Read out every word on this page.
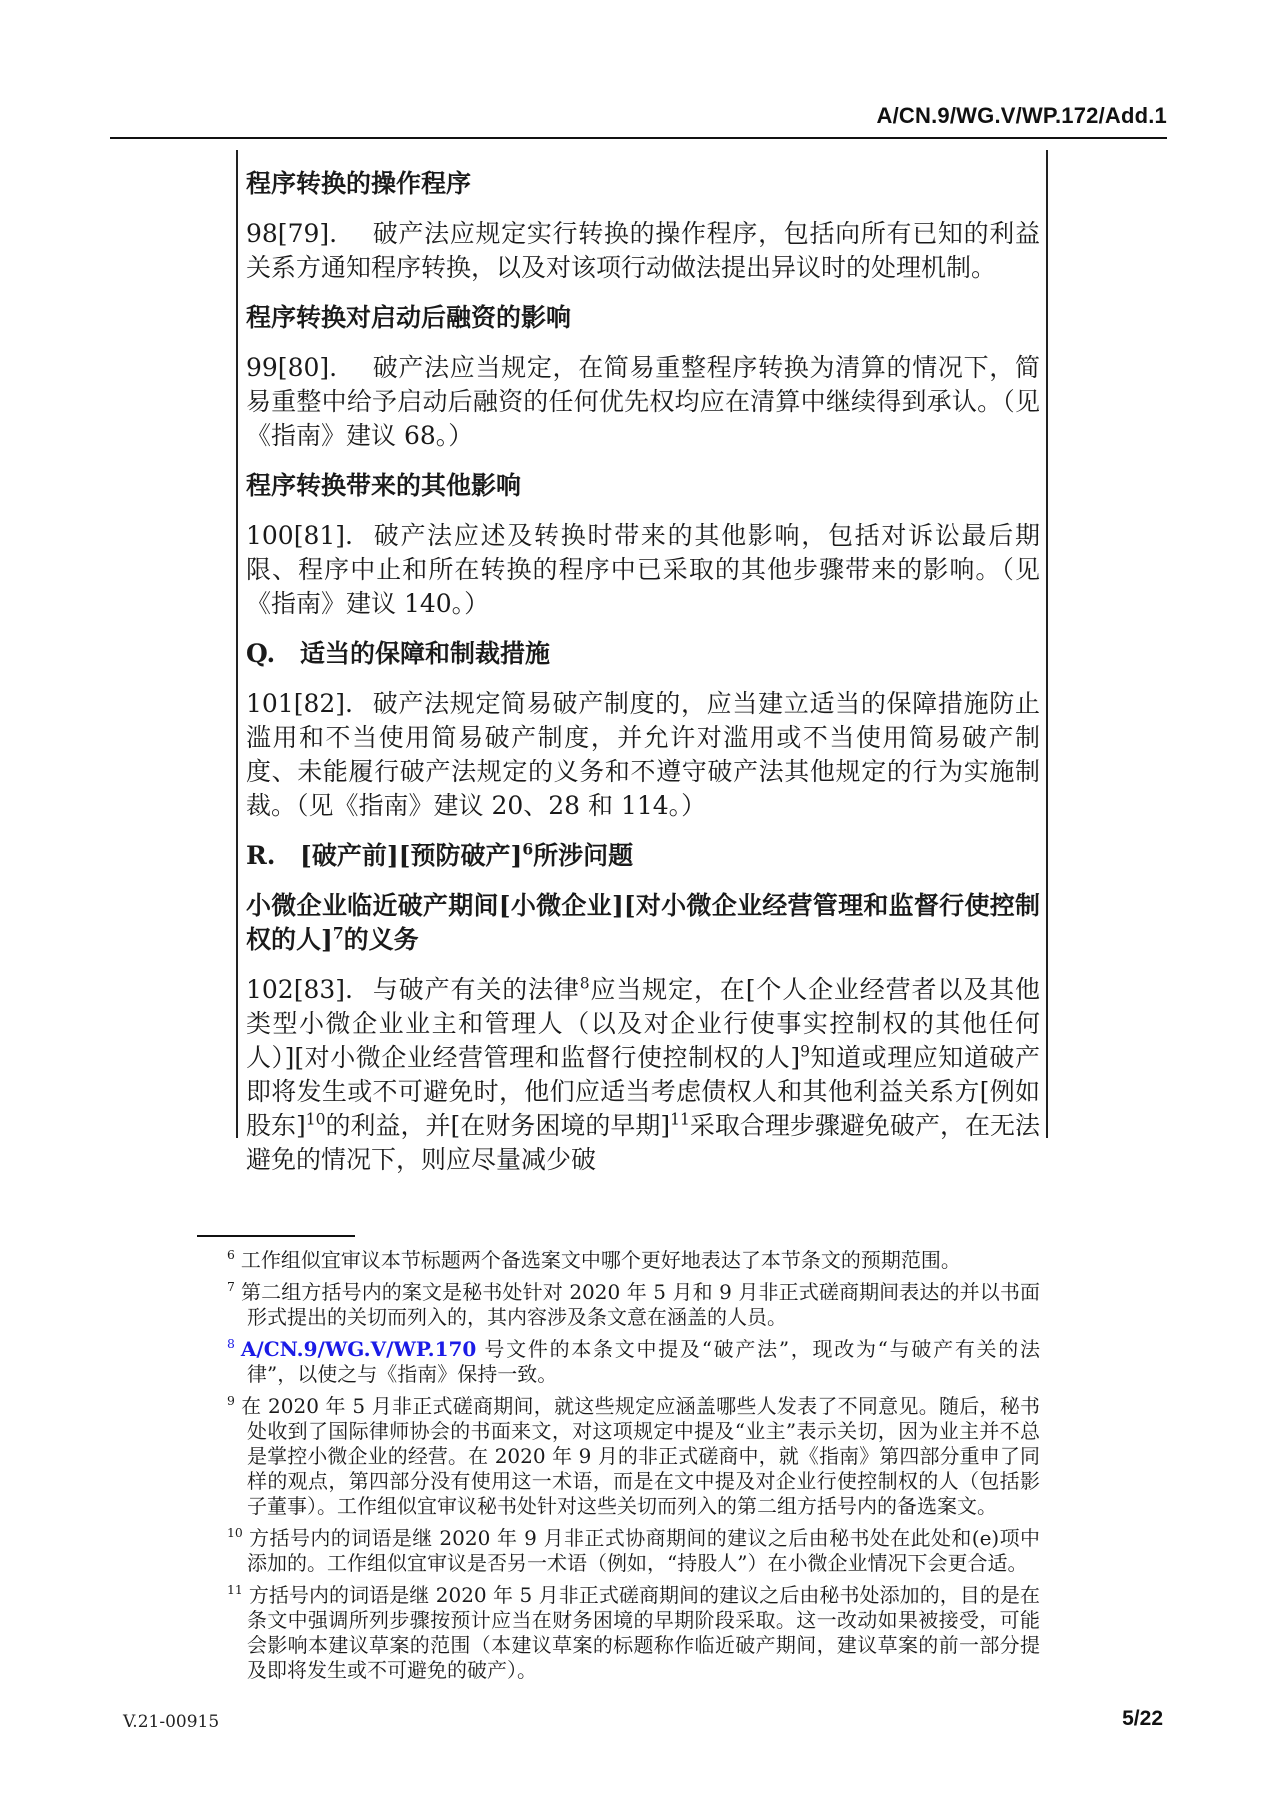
A/CN.9/WG.V/WP.172/Add.1
程序转换的操作程序
98[79]. 破产法应规定实行转换的操作程序，包括向所有已知的利益关系方通知程序转换，以及对该项行动做法提出异议时的处理机制。
程序转换对启动后融资的影响
99[80]. 破产法应当规定，在简易重整程序转换为清算的情况下，简易重整中给予启动后融资的任何优先权均应在清算中继续得到承认。（见《指南》建议 68。）
程序转换带来的其他影响
100[81]. 破产法应述及转换时带来的其他影响，包括对诉讼最后期限、程序中止和所在转换的程序中已采取的其他步骤带来的影响。（见《指南》建议 140。）
Q. 适当的保障和制裁措施
101[82]. 破产法规定简易破产制度的，应当建立适当的保障措施防止滥用和不当使用简易破产制度，并允许对滥用或不当使用简易破产制度、未能履行破产法规定的义务和不遵守破产法其他规定的行为实施制裁。（见《指南》建议 20、28 和 114。）
R. [破产前][预防破产]$^6$所涉问题
小微企业临近破产期间[小微企业][对小微企业经营管理和监督行使控制权的人]$^7$的义务
102[83]. 与破产有关的法律$^8$应当规定，在[个人企业经营者以及其他类型小微企业业主和管理人（以及对企业行使事实控制权的其他任何人）][对小微企业经营管理和监督行使控制权的人]$^9$知道或理应知道破产即将发生或不可避免时，他们应适当考虑债权人和其他利益关系方[例如股东]$^{10}$的利益，并[在财务困境的早期]$^{11}$采取合理步骤避免破产，在无法避免的情况下，则应尽量减少破
$^6$ 工作组似宜审议本节标题两个备选案文中哪个更好地表达了本节条文的预期范围。
$^7$ 第二组方括号内的案文是秘书处针对 2020 年 5 月和 9 月非正式磋商期间表达的并以书面形式提出的关切而列入的，其内容涉及条文意在涵盖的人员。
$^8$ A/CN.9/WG.V/WP.170 号文件的本条文中提及“破产法”，现改为“与破产有关的法律”，以使之与《指南》保持一致。
$^9$ 在 2020 年 5 月非正式磋商期间，就这些规定应涵盖哪些人发表了不同意见。随后，秘书处收到了国际律师协会的书面来文，对这项规定中提及“业主”表示关切，因为业主并不总是掌控小微企业的经营。在 2020 年 9 月的非正式磋商中，就《指南》第四部分重申了同样的观点，第四部分没有使用这一术语，而是在文中提及对企业行使控制权的人（包括影子董事）。工作组似宜审议秘书处针对这些关切而列入的第二组方括号内的备选案文。
$^{10}$ 方括号内的词语是继 2020 年 9 月非正式协商期间的建议之后由秘书处在此处和(e)项中添加的。工作组似宜审议是否另一术语（例如，“持股人”）在小微企业情况下会更合适。
$^{11}$ 方括号内的词语是继 2020 年 5 月非正式磋商期间的建议之后由秘书处添加的，目的是在条文中强调所列步骤按预计应当在财务困境的早期阶段采取。这一改动如果被接受，可能会影响本建议草案的范围（本建议草案的标题称作临近破产期间，建议草案的前一部分提及即将发生或不可避免的破产）。
V.21-00915	5/22
